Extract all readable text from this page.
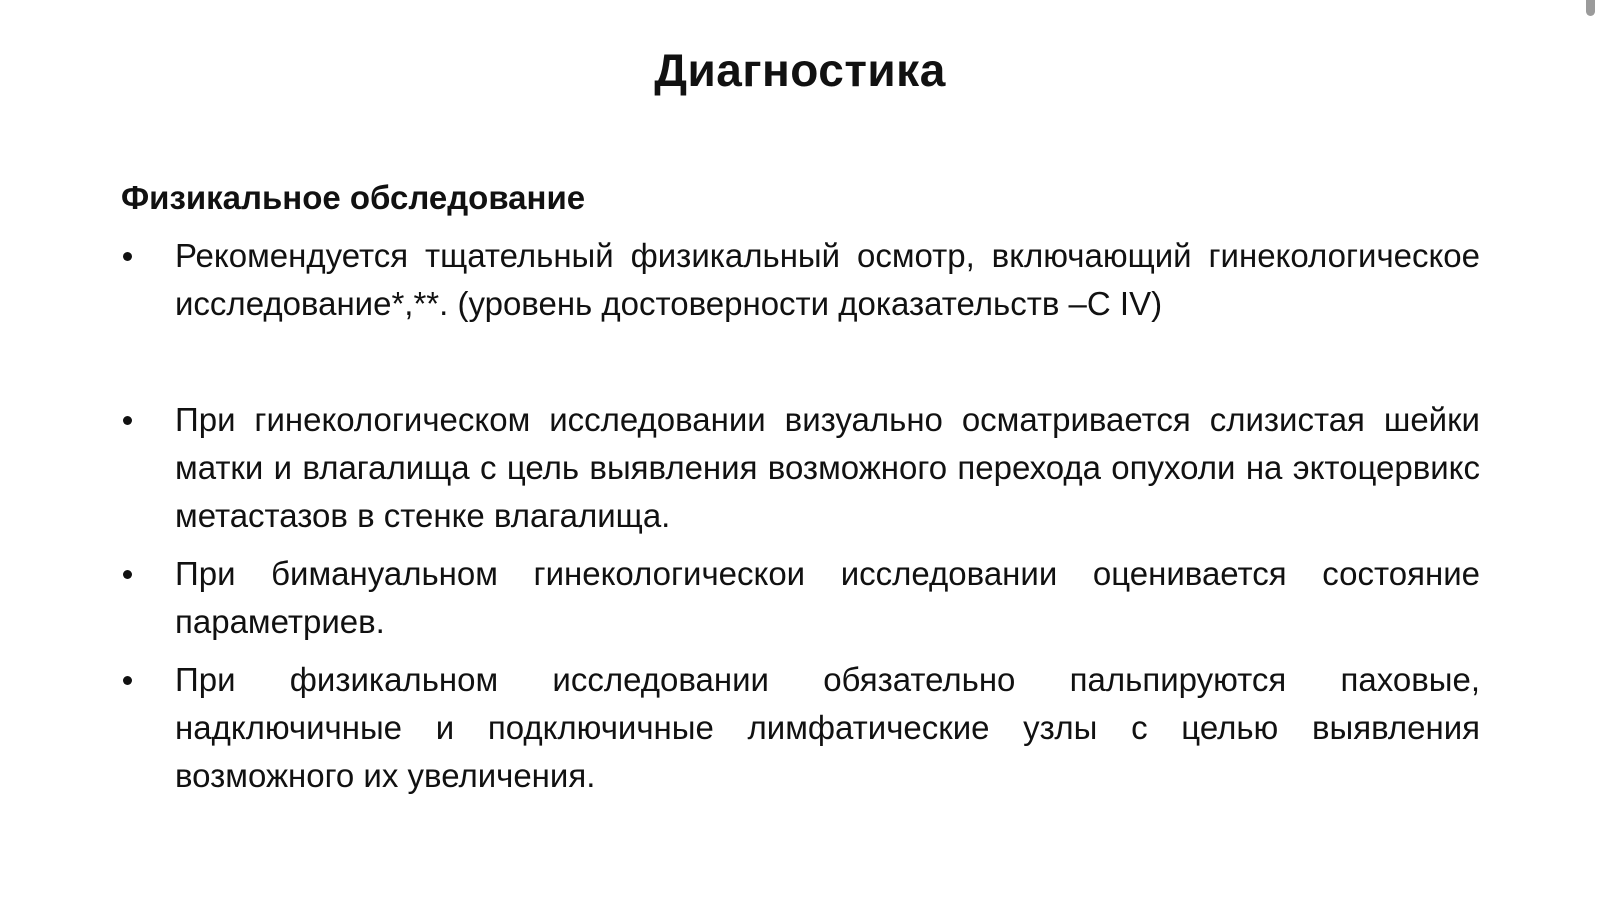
Диагностика
Физикальное обследование
Рекомендуется тщательный физикальный осмотр, включающий гинекологическое исследование*,**. (уровень достоверности доказательств –C IV)
При гинекологическом исследовании визуально осматривается слизистая шейки матки и влагалища с цель выявления возможного перехода опухоли на эктоцервикс метастазов в стенке влагалища.
При бимануальном гинекологическои исследовании оценивается состояние параметриев.
При физикальном исследовании обязательно пальпируются паховые, надключичные и подключичные лимфатические узлы с целью выявления возможного их увеличения.
